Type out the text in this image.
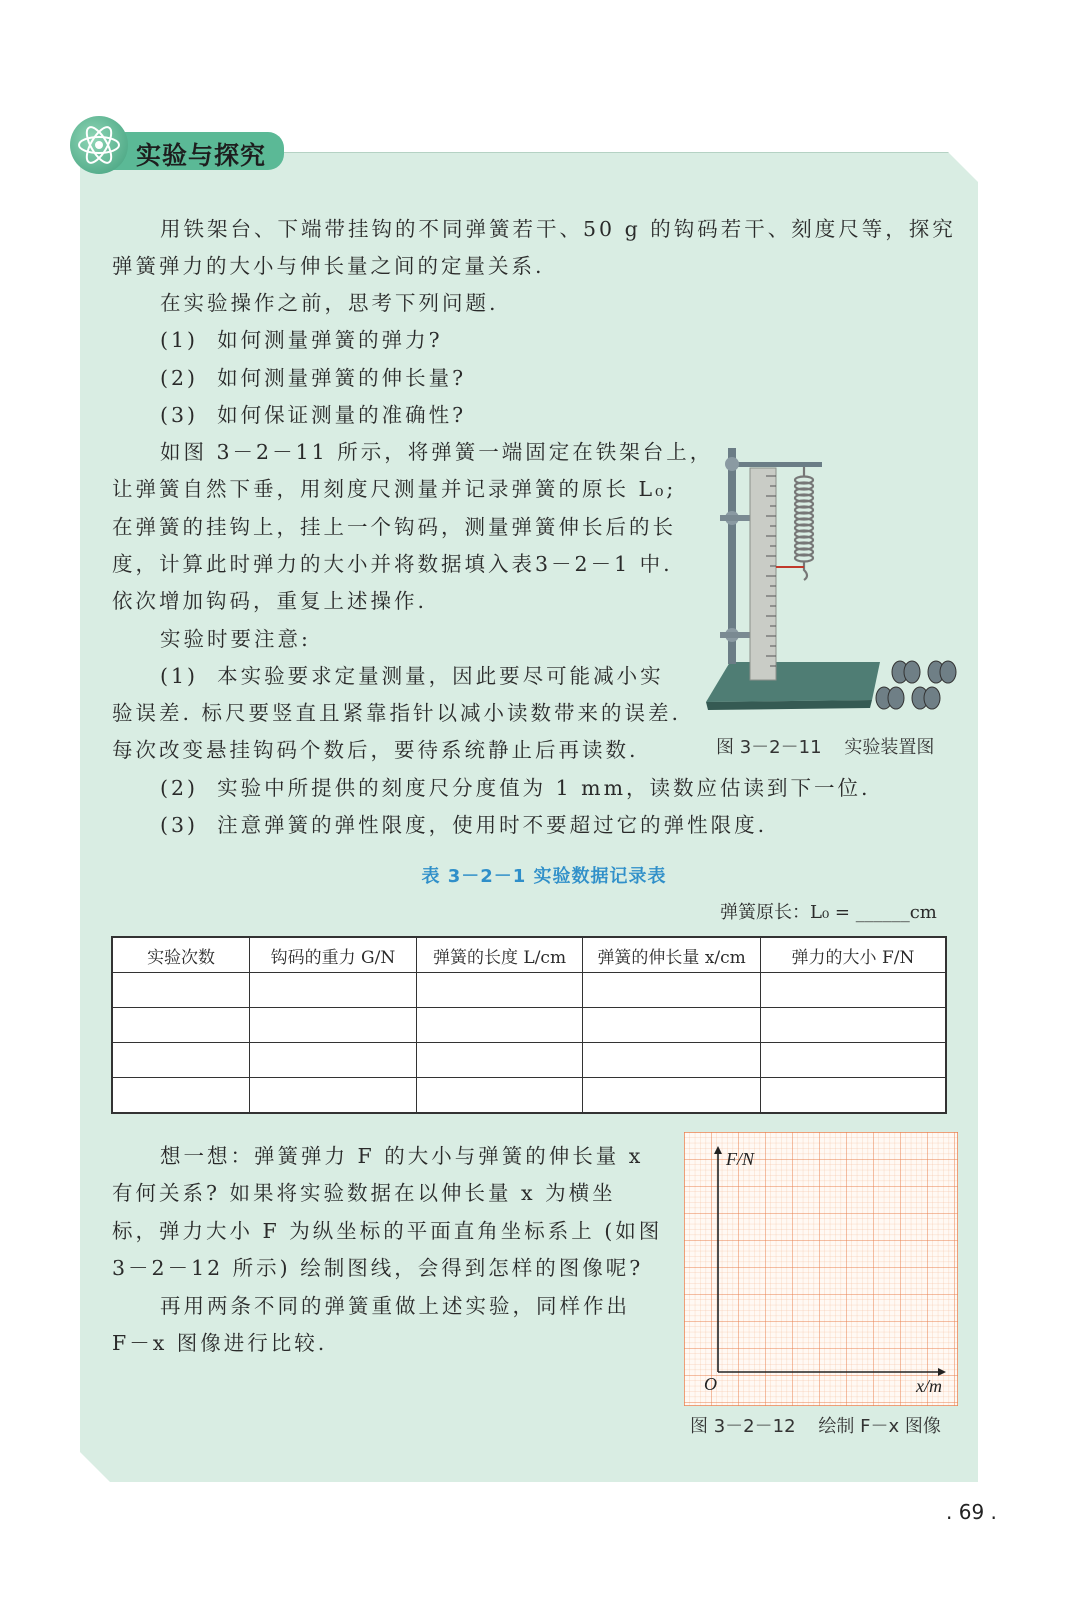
实验与探究
用铁架台、下端带挂钩的不同弹簧若干、50 g 的钩码若干、刻度尺等，探究
弹簧弹力的大小与伸长量之间的定量关系.
在实验操作之前，思考下列问题.
(1)  如何测量弹簧的弹力?
(2)  如何测量弹簧的伸长量?
(3)  如何保证测量的准确性?
如图 3－2－11 所示，将弹簧一端固定在铁架台上，
让弹簧自然下垂，用刻度尺测量并记录弹簧的原长 L₀;
在弹簧的挂钩上，挂上一个钩码，测量弹簧伸长后的长
度，计算此时弹力的大小并将数据填入表3－2－1 中.
依次增加钩码，重复上述操作.
实验时要注意:
(1)  本实验要求定量测量，因此要尽可能减小实
验误差. 标尺要竖直且紧靠指针以减小读数带来的误差.
每次改变悬挂钩码个数后，要待系统静止后再读数.
(2)  实验中所提供的刻度尺分度值为 1 mm，读数应估读到下一位.
(3)  注意弹簧的弹性限度，使用时不要超过它的弹性限度.
图 3－2－11    实验装置图
表 3－2－1 实验数据记录表
弹簧原长：L₀ = ______cm
实验次数	钩码的重力 G/N	弹簧的长度 L/cm	弹簧的伸长量 x/cm	弹力的大小 F/N

想一想：弹簧弹力 F 的大小与弹簧的伸长量 x
有何关系? 如果将实验数据在以伸长量 x 为横坐
标，弹力大小 F 为纵坐标的平面直角坐标系上 (如图
3－2－12 所示) 绘制图线，会得到怎样的图像呢?
再用两条不同的弹簧重做上述实验，同样作出
F－x 图像进行比较.
F/N
x/m
O
图 3－2－12    绘制 F－x 图像
. 69 .
